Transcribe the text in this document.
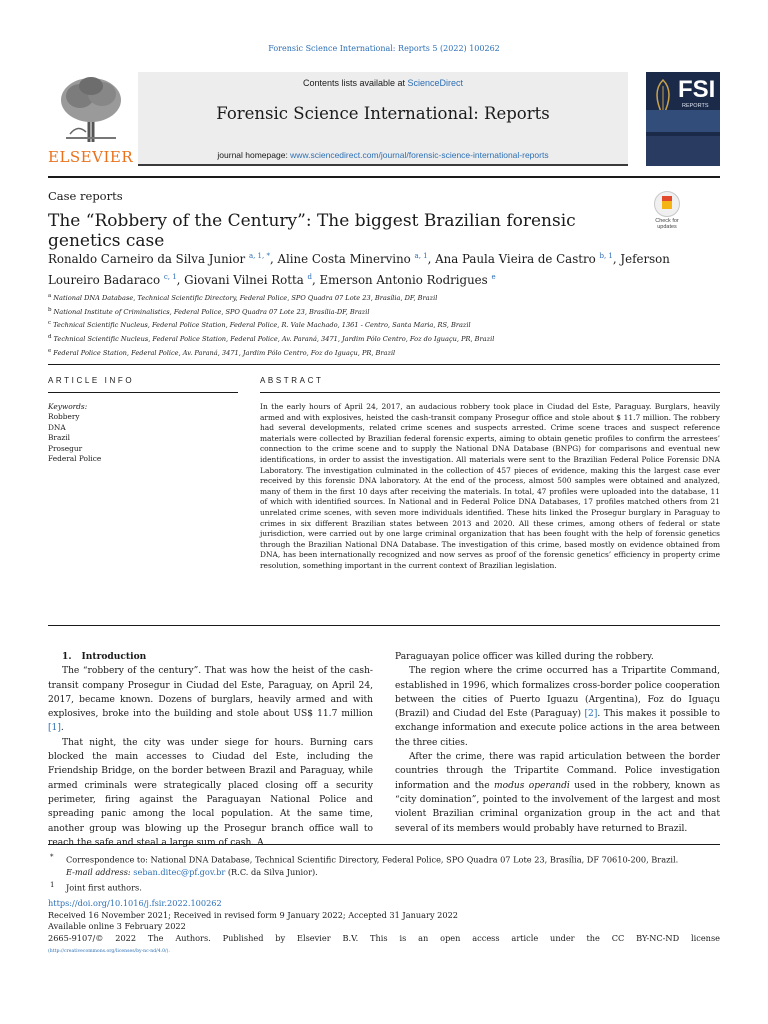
Forensic Science International: Reports 5 (2022) 100262
ELSEVIER
Contents lists available at ScienceDirect
Forensic Science International: Reports
journal homepage: www.sciencedirect.com/journal/forensic-science-international-reports
FSI
REPORTS
Case reports
The “Robbery of the Century”: The biggest Brazilian forensic genetics case
Check for updates
Ronaldo Carneiro da Silva Junior $^{a, 1, *}$, Aline Costa Minervino $^{a, 1}$, Ana Paula Vieira de Castro $^{b, 1}$, Jeferson Loureiro Badaraco $^{c, 1}$, Giovani Vilnei Rotta $^d$, Emerson Antonio Rodrigues $^e$
$^a$ National DNA Database, Technical Scientific Directory, Federal Police, SPO Quadra 07 Lote 23, Brasília, DF, Brazil
$^b$ National Institute of Criminalistics, Federal Police, SPO Quadra 07 Lote 23, Brasília-DF, Brazil
$^c$ Technical Scientific Nucleus, Federal Police Station, Federal Police, R. Vale Machado, 1361 - Centro, Santa Maria, RS, Brazil
$^d$ Technical Scientific Nucleus, Federal Police Station, Federal Police, Av. Paraná, 3471, Jardim Pólo Centro, Foz do Iguaçu, PR, Brazil
$^e$ Federal Police Station, Federal Police, Av. Paraná, 3471, Jardim Pólo Centro, Foz do Iguaçu, PR, Brazil
ARTICLE INFO	ABSTRACT
Keywords:
Robbery
DNA
Brazil
Prosegur
Federal Police
In the early hours of April 24, 2017, an audacious robbery took place in Ciudad del Este, Paraguay. Burglars, heavily armed and with explosives, heisted the cash-transit company Prosegur office and stole about $ 11.7 million. The robbery had several developments, related crime scenes and suspects arrested. Crime scene traces and suspect reference materials were collected by Brazilian federal forensic experts, aiming to obtain genetic profiles to confirm the arrestees’ connection to the crime scene and to supply the National DNA Database (BNPG) for comparisons and eventual new identifications, in order to assist the investigation. All materials were sent to the Brazilian Federal Police Forensic DNA Laboratory. The investigation culminated in the collection of 457 pieces of evidence, making this the largest case ever received by this forensic DNA laboratory. At the end of the process, almost 500 samples were obtained and analyzed, many of them in the first 10 days after receiving the materials. In total, 47 profiles were uploaded into the database, 11 of which with identified sources. In National and in Federal Police DNA Databases, 17 profiles matched others from 21 unrelated crime scenes, with seven more individuals identified. These hits linked the Prosegur burglary in Paraguay to crimes in six different Brazilian states between 2013 and 2020. All these crimes, among others of federal or state jurisdiction, were carried out by one large criminal organization that has been fought with the help of forensic genetics through the Brazilian National DNA Database. The investigation of this crime, based mostly on evidence obtained from DNA, has been internationally recognized and now serves as proof of the forensic genetics’ efficiency in property crime resolution, something important in the current context of Brazilian legislation.

1. Introduction

The “robbery of the century”. That was how the heist of the cash-transit company Prosegur in Ciudad del Este, Paraguay, on April 24, 2017, became known. Dozens of burglars, heavily armed and with explosives, broke into the building and stole about US$ 11.7 million [1].

That night, the city was under siege for hours. Burning cars blocked the main accesses to Ciudad del Este, including the Friendship Bridge, on the border between Brazil and Paraguay, while armed criminals were strategically placed closing off a security perimeter, firing against the Paraguayan National Police and spreading panic among the local population. At the same time, another group was blowing up the Prosegur branch office wall to reach the safe and steal a large sum of cash. A

Paraguayan police officer was killed during the robbery.

The region where the crime occurred has a Tripartite Command, established in 1996, which formalizes cross-border police cooperation between the cities of Puerto Iguazu (Argentina), Foz do Iguaçu (Brazil) and Ciudad del Este (Paraguay) [2]. This makes it possible to exchange information and execute police actions in the area between the three cities.

After the crime, there was rapid articulation between the border countries through the Tripartite Command. Police investigation information and the modus operandi used in the robbery, known as “city domination”, pointed to the involvement of the largest and most violent Brazilian criminal organization group in the act and that several of its members would probably have returned to Brazil.

* Correspondence to: National DNA Database, Technical Scientific Directory, Federal Police, SPO Quadra 07 Lote 23, Brasília, DF 70610-200, Brazil.
E-mail address: seban.ditec@pf.gov.br (R.C. da Silva Junior).
1 Joint first authors.
https://doi.org/10.1016/j.fsir.2022.100262
Received 16 November 2021; Received in revised form 9 January 2022; Accepted 31 January 2022
Available online 3 February 2022
2665-9107/© 2022 The Authors. Published by Elsevier B.V. This is an open access article under the CC BY-NC-ND license
(http://creativecommons.org/licenses/by-nc-nd/4.0/).
